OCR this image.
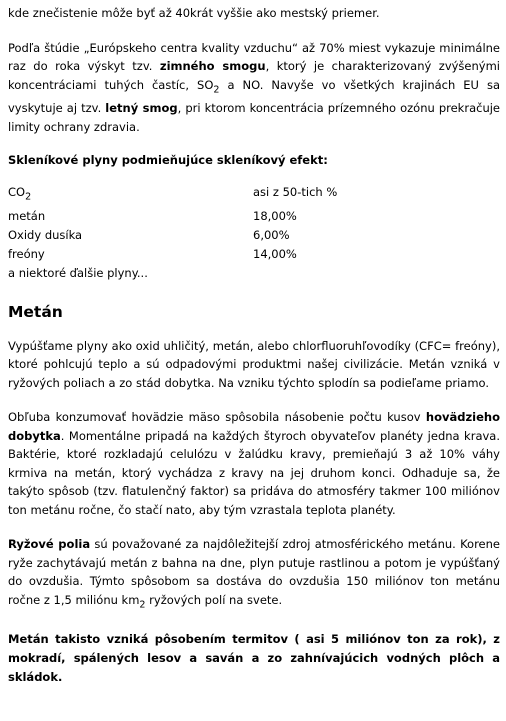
kde znečistenie môže byť až 40krát vyššie ako mestský priemer.

Podľa štúdie „Európskeho centra kvality vzduchu“ až 70% miest vykazuje minimálne raz do roka výskyt tzv. zimného smogu, ktorý je charakterizovaný zvýšenými koncentráciami tuhých častíc, $SO_2$ a NO. Navyše vo všetkých krajinách EU sa vyskytuje aj tzv. letný smog, pri ktorom koncentrácia prízemného ozónu prekračuje limity ochrany zdravia.

Skleníkové plyny podmieňujúce skleníkový efekt:
$CO_2$	asi z 50-tich %
metán	18,00%
Oxidy dusíka	6,00%
freóny	14,00%
a niektoré ďalšie plyny...
Metán

Vypúšťame plyny ako oxid uhličitý, metán, alebo chlorfluoruhľovodíky (CFC= freóny), ktoré pohlcujú teplo a sú odpadovými produktmi našej civilizácie. Metán vzniká v ryžových poliach a zo stád dobytka. Na vzniku týchto splodín sa podieľame priamo.

Obľuba konzumovať hovädzie mäso spôsobila násobenie počtu kusov hovädzieho dobytka. Momentálne pripadá na každých štyroch obyvateľov planéty jedna krava. Baktérie, ktoré rozkladajú celulózu v žalúdku kravy, premieňajú 3 až 10% váhy krmiva na metán, ktorý vychádza z kravy na jej druhom konci. Odhaduje sa, že takýto spôsob (tzv. flatulenčný faktor) sa pridáva do atmosféry takmer 100 miliónov ton metánu ročne, čo stačí nato, aby tým vzrastala teplota planéty.

Ryžové polia sú považované za najdôležitejší zdroj atmosférického metánu. Korene ryže zachytávajú metán z bahna na dne, plyn putuje rastlinou a potom je vypúšťaný do ovzdušia. Týmto spôsobom sa dostáva do ovzdušia 150 miliónov ton metánu ročne z 1,5 miliónu $km_2$ ryžových polí na svete.

Metán takisto vzniká pôsobením termitov ( asi 5 miliónov ton za rok), z mokradí, spálených lesov a saván a zo zahnívajúcich vodných plôch a skládok.
